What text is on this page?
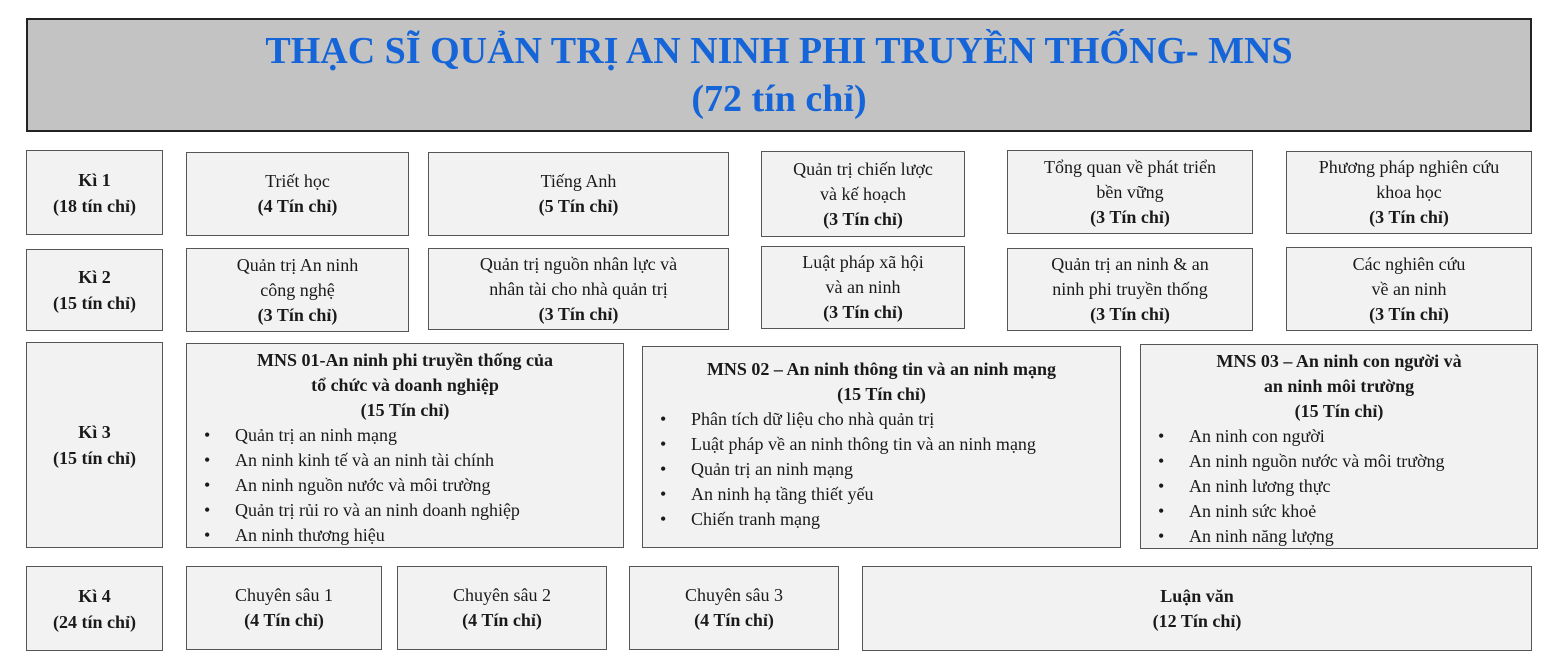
THẠC SĨ QUẢN TRỊ AN NINH PHI TRUYỀN THỐNG- MNS
(72 tín chỉ)
Kì 1
(18 tín chỉ)
Kì 2
(15 tín chỉ)
Kì 3
(15 tín chỉ)
Kì 4
(24 tín chỉ)
Triết học
(4 Tín chỉ)
Tiếng Anh
(5 Tín chỉ)
Quản trị chiến lược
và kế hoạch
(3 Tín chỉ)
Tổng quan về phát triển
bền vững
(3 Tín chỉ)
Phương pháp nghiên cứu
khoa học
(3 Tín chỉ)
Quản trị An ninh
công nghệ
(3 Tín chỉ)
Quản trị nguồn nhân lực và
nhân tài cho nhà quản trị
(3 Tín chỉ)
Luật pháp xã hội
và an ninh
(3 Tín chỉ)
Quản trị an ninh & an
ninh phi truyền thống
(3 Tín chỉ)
Các nghiên cứu
về an ninh
(3 Tín chỉ)
MNS 01-An ninh phi truyền thống của
tổ chức và doanh nghiệp
(15 Tín chỉ)
• Quản trị an ninh mạng
• An ninh kinh tế và an ninh tài chính
• An ninh nguồn nước và môi trường
• Quản trị rủi ro và an ninh doanh nghiệp
• An ninh thương hiệu
MNS 02 – An ninh thông tin và an ninh mạng
(15 Tín chỉ)
• Phân tích dữ liệu cho nhà quản trị
• Luật pháp về an ninh thông tin và an ninh mạng
• Quản trị an ninh mạng
• An ninh hạ tầng thiết yếu
• Chiến tranh mạng
MNS 03 – An ninh con người và
an ninh môi trường
(15 Tín chỉ)
• An ninh con người
• An ninh nguồn nước và môi trường
• An ninh lương thực
• An ninh sức khoẻ
• An ninh năng lượng
Chuyên sâu 1
(4 Tín chỉ)
Chuyên sâu 2
(4 Tín chỉ)
Chuyên sâu 3
(4 Tín chỉ)
Luận văn
(12 Tín chỉ)
